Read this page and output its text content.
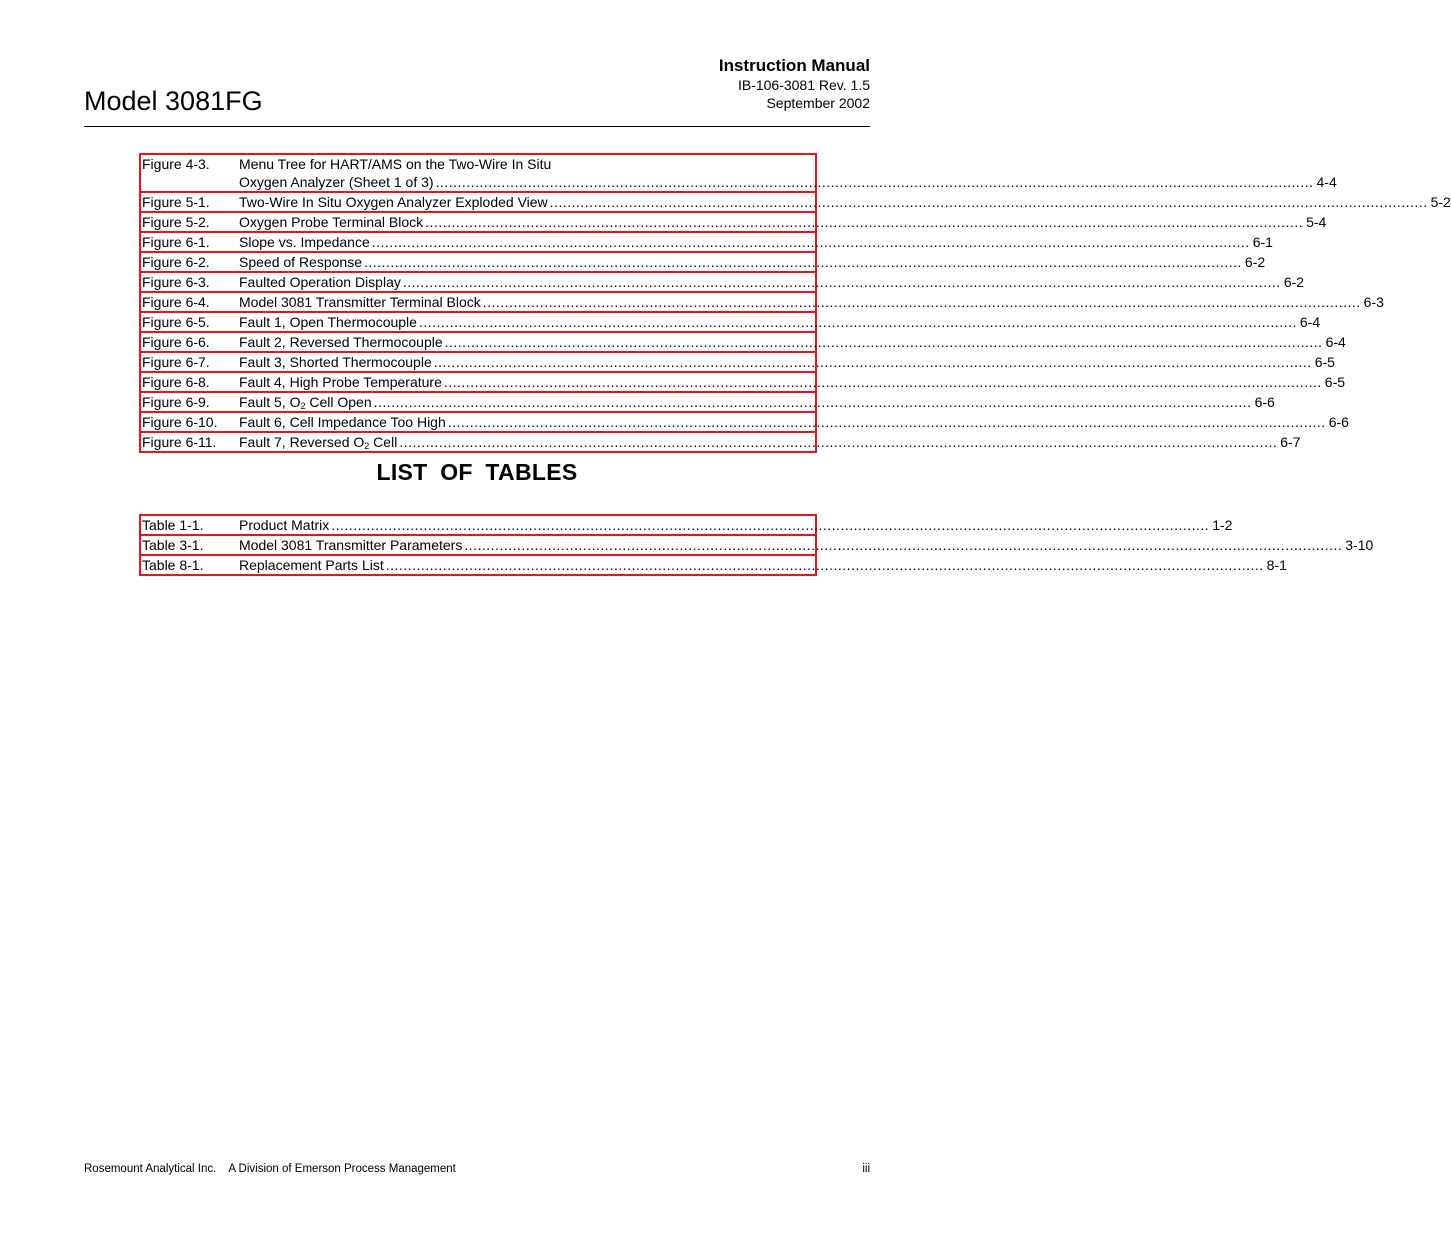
Model 3081FG
Instruction Manual
IB-106-3081 Rev. 1.5
September 2002
Figure 4-3.	Menu Tree for HART/AMS on the Two-Wire In Situ
Oxygen Analyzer (Sheet 1 of 3) ........................................................................................................................................................................................................ 4-4
Figure 5-1.	Two-Wire In Situ Oxygen Analyzer Exploded View ........................................................................................................................................................................................................ 5-2
Figure 5-2.	Oxygen Probe Terminal Block ........................................................................................................................................................................................................ 5-4
Figure 6-1.	Slope vs. Impedance ........................................................................................................................................................................................................ 6-1
Figure 6-2.	Speed of Response ........................................................................................................................................................................................................ 6-2
Figure 6-3.	Faulted Operation Display ........................................................................................................................................................................................................ 6-2
Figure 6-4.	Model 3081 Transmitter Terminal Block ........................................................................................................................................................................................................ 6-3
Figure 6-5.	Fault 1, Open Thermocouple ........................................................................................................................................................................................................ 6-4
Figure 6-6.	Fault 2, Reversed Thermocouple ........................................................................................................................................................................................................ 6-4
Figure 6-7.	Fault 3, Shorted Thermocouple ........................................................................................................................................................................................................ 6-5
Figure 6-8.	Fault 4, High Probe Temperature ........................................................................................................................................................................................................ 6-5
Figure 6-9.	Fault 5, $O_2$ Cell Open ........................................................................................................................................................................................................ 6-6
Figure 6-10.	Fault 6, Cell Impedance Too High ........................................................................................................................................................................................................ 6-6
Figure 6-11.	Fault 7, Reversed $O_2$ Cell ........................................................................................................................................................................................................ 6-7
LIST OF TABLES
Table 1-1.	Product Matrix ........................................................................................................................................................................................................ 1-2
Table 3-1.	Model 3081 Transmitter Parameters ........................................................................................................................................................................................................ 3-10
Table 8-1.	Replacement Parts List ........................................................................................................................................................................................................ 8-1
Rosemount Analytical Inc. A Division of Emerson Process Management	iii
